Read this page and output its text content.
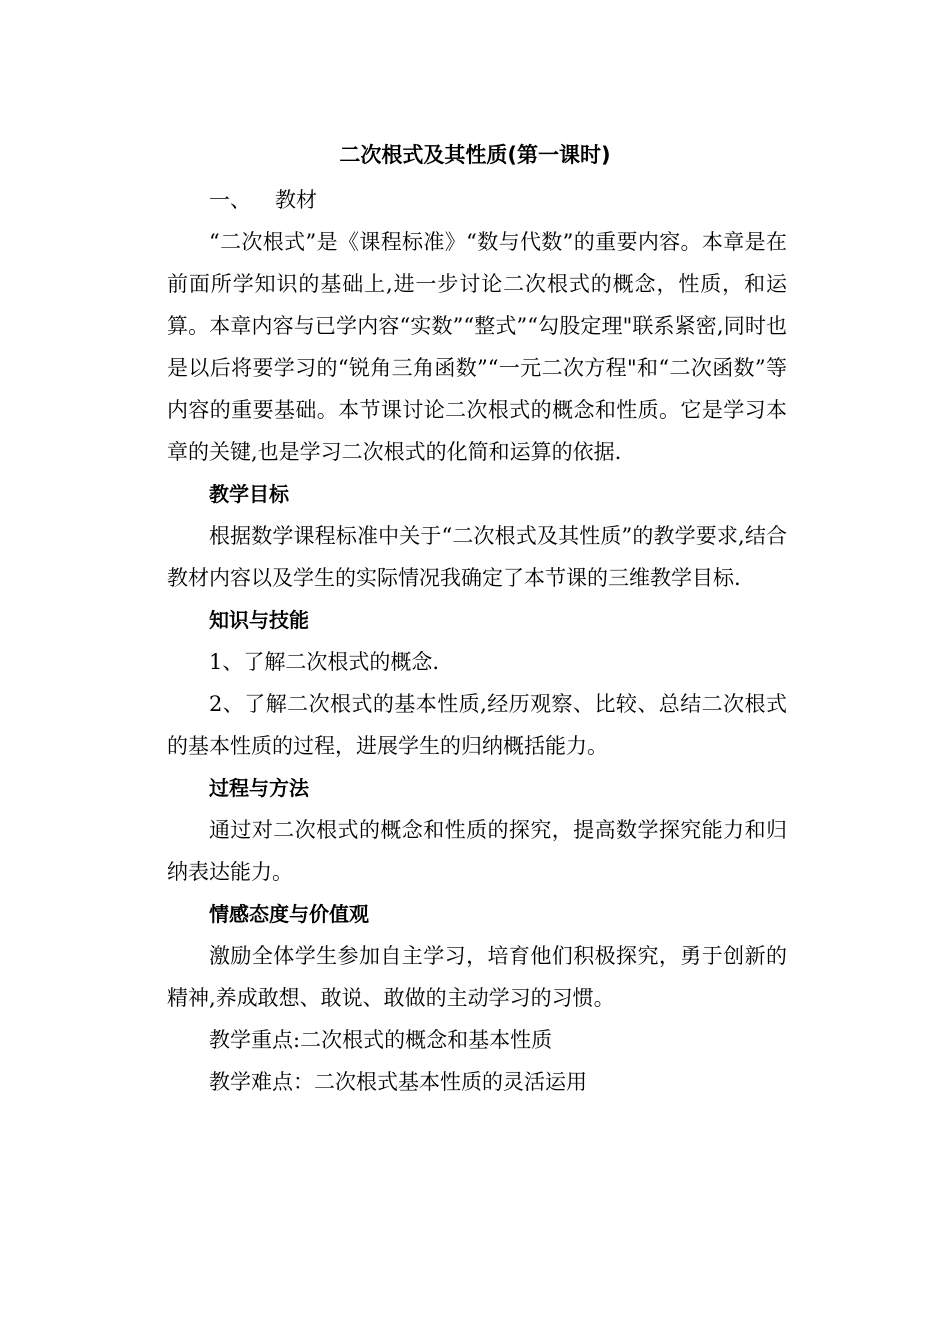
二次根式及其性质(第一课时)

一、 教材

“二次根式”是《课程标准》“数与代数”的重要内容。本章是在前面所学知识的基础上,进一步讨论二次根式的概念，性质，和运算。本章内容与已学内容“实数”“整式”“勾股定理"联系紧密,同时也是以后将要学习的“锐角三角函数”“一元二次方程"和“二次函数”等内容的重要基础。本节课讨论二次根式的概念和性质。它是学习本章的关键,也是学习二次根式的化简和运算的依据.

教学目标

根据数学课程标准中关于“二次根式及其性质”的教学要求,结合教材内容以及学生的实际情况我确定了本节课的三维教学目标.

知识与技能

1、了解二次根式的概念.

2、了解二次根式的基本性质,经历观察、比较、总结二次根式的基本性质的过程，进展学生的归纳概括能力。

过程与方法

通过对二次根式的概念和性质的探究，提高数学探究能力和归纳表达能力。

情感态度与价值观

激励全体学生参加自主学习，培育他们积极探究，勇于创新的精神,养成敢想、敢说、敢做的主动学习的习惯。

教学重点:二次根式的概念和基本性质

教学难点：二次根式基本性质的灵活运用
